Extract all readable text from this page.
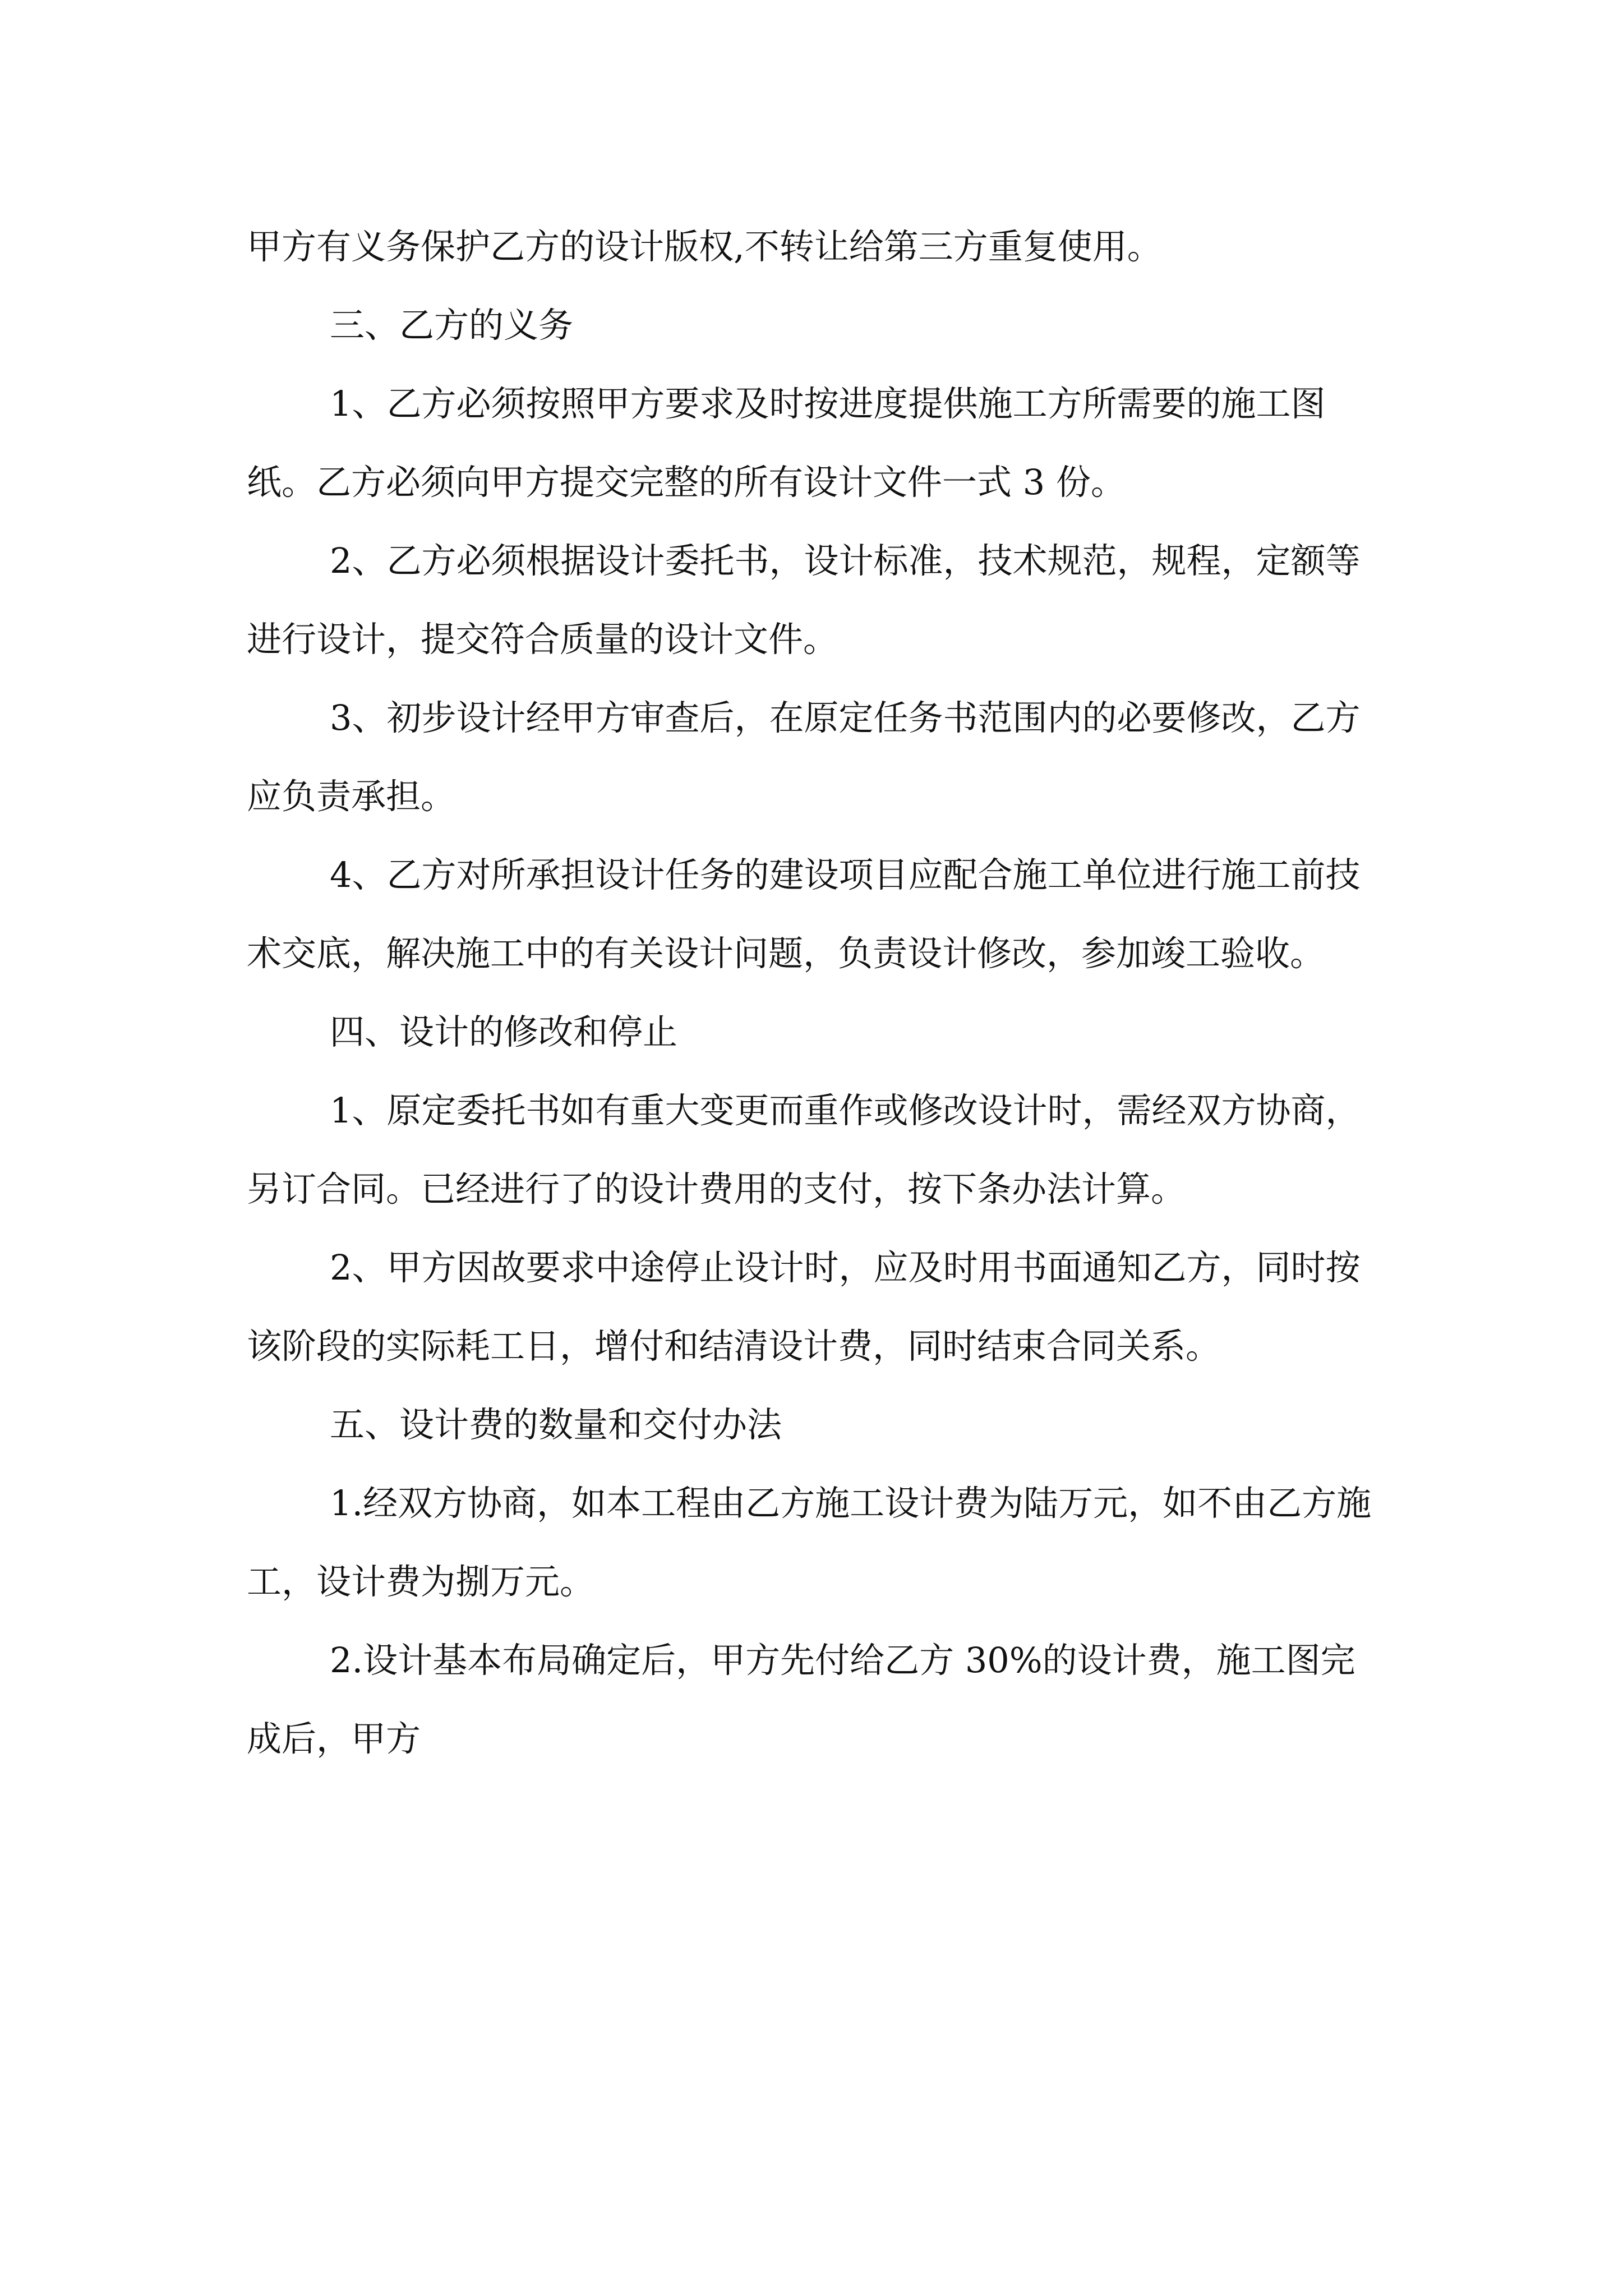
甲方有义务保护乙方的设计版权,不转让给第三方重复使用。

三、乙方的义务

1、乙方必须按照甲方要求及时按进度提供施工方所需要的施工图纸。乙方必须向甲方提交完整的所有设计文件一式 3 份。

2、乙方必须根据设计委托书，设计标准，技术规范，规程，定额等进行设计，提交符合质量的设计文件。

3、初步设计经甲方审查后，在原定任务书范围内的必要修改，乙方应负责承担。

4、乙方对所承担设计任务的建设项目应配合施工单位进行施工前技术交底，解决施工中的有关设计问题，负责设计修改，参加竣工验收。

四、设计的修改和停止

1、原定委托书如有重大变更而重作或修改设计时，需经双方协商，另订合同。已经进行了的设计费用的支付，按下条办法计算。

2、甲方因故要求中途停止设计时，应及时用书面通知乙方，同时按该阶段的实际耗工日，增付和结清设计费，同时结束合同关系。

五、设计费的数量和交付办法

1.经双方协商，如本工程由乙方施工设计费为陆万元，如不由乙方施工，设计费为捌万元。

2.设计基本布局确定后，甲方先付给乙方 30%的设计费，施工图完成后，甲方
